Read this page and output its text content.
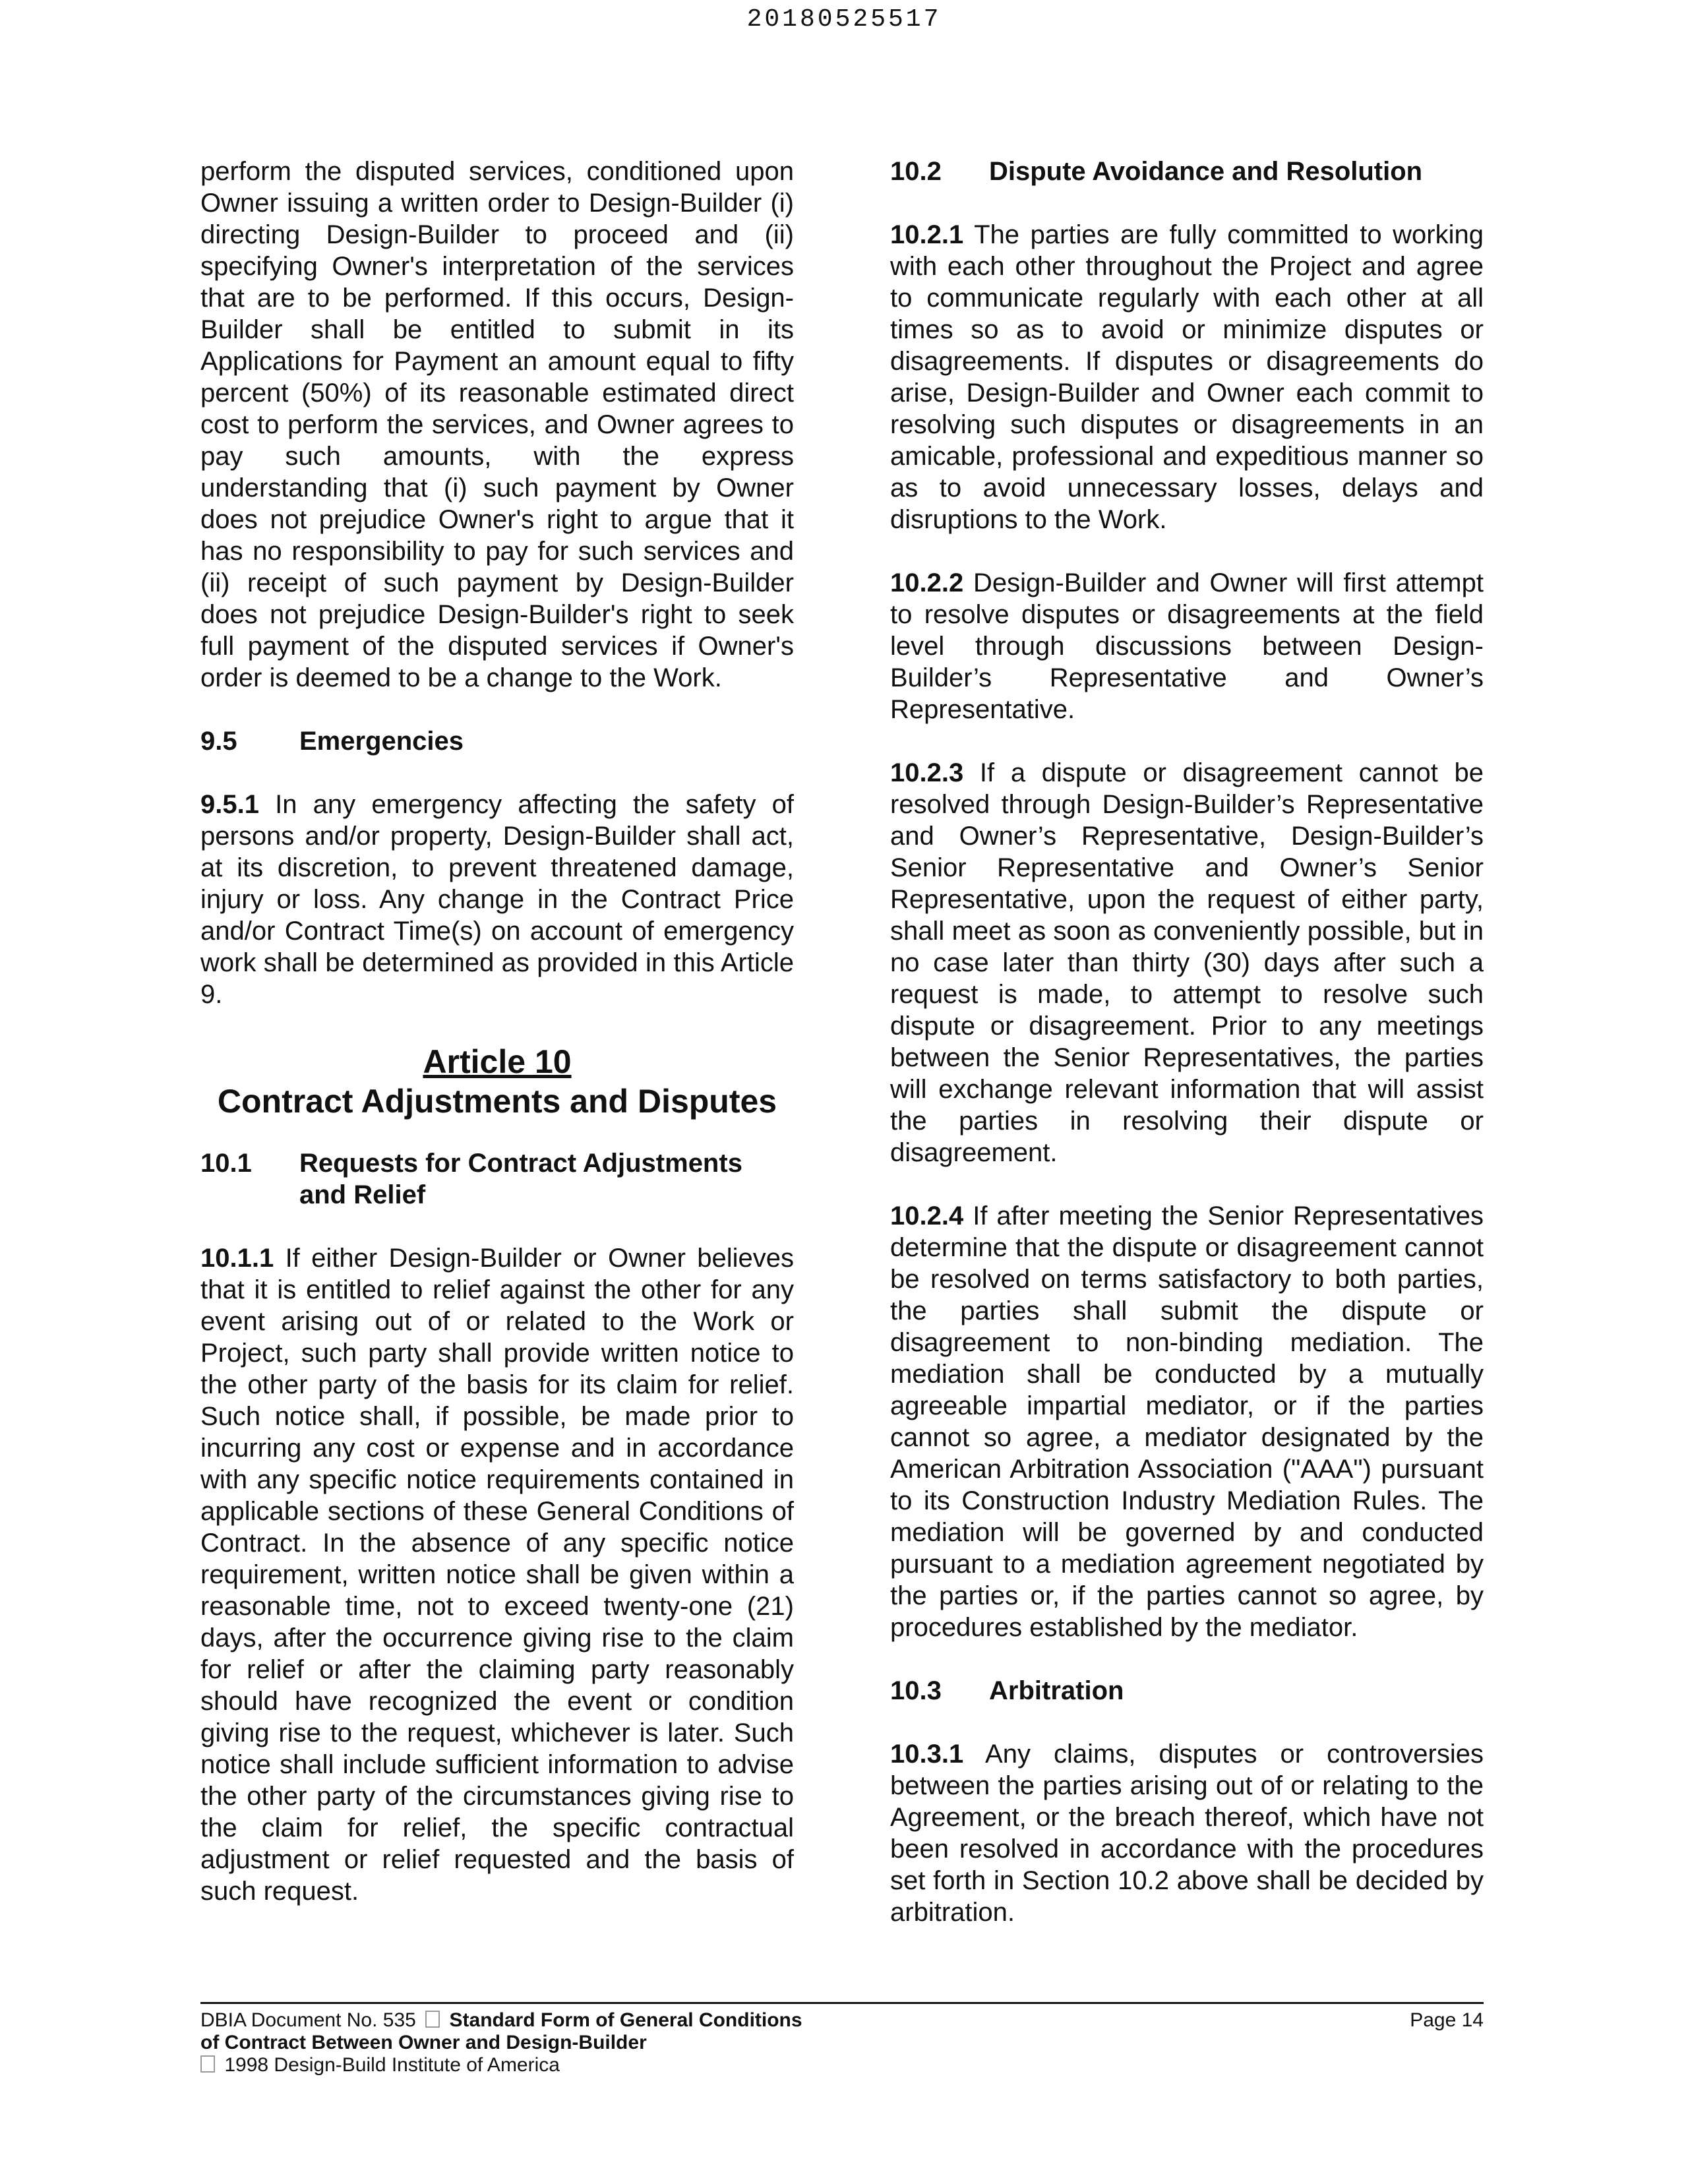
20180525517

perform the disputed services, conditioned upon Owner issuing a written order to Design-Builder (i) directing Design-Builder to proceed and (ii) specifying Owner's interpretation of the services that are to be performed. If this occurs, Design-Builder shall be entitled to submit in its Applications for Payment an amount equal to fifty percent (50%) of its reasonable estimated direct cost to perform the services, and Owner agrees to pay such amounts, with the express understanding that (i) such payment by Owner does not prejudice Owner's right to argue that it has no responsibility to pay for such services and (ii) receipt of such payment by Design-Builder does not prejudice Design-Builder's right to seek full payment of the disputed services if Owner's order is deemed to be a change to the Work.

9.5	Emergencies

9.5.1 In any emergency affecting the safety of persons and/or property, Design-Builder shall act, at its discretion, to prevent threatened damage, injury or loss. Any change in the Contract Price and/or Contract Time(s) on account of emergency work shall be determined as provided in this Article 9.

Article 10
Contract Adjustments and Disputes
10.1	Requests for Contract Adjustments and Relief

10.1.1 If either Design-Builder or Owner believes that it is entitled to relief against the other for any event arising out of or related to the Work or Project, such party shall provide written notice to the other party of the basis for its claim for relief. Such notice shall, if possible, be made prior to incurring any cost or expense and in accordance with any specific notice requirements contained in applicable sections of these General Conditions of Contract. In the absence of any specific notice requirement, written notice shall be given within a reasonable time, not to exceed twenty-one (21) days, after the occurrence giving rise to the claim for relief or after the claiming party reasonably should have recognized the event or condition giving rise to the request, whichever is later. Such notice shall include sufficient information to advise the other party of the circumstances giving rise to the claim for relief, the specific contractual adjustment or relief requested and the basis of such request.

10.2	Dispute Avoidance and Resolution

10.2.1 The parties are fully committed to working with each other throughout the Project and agree to communicate regularly with each other at all times so as to avoid or minimize disputes or disagreements. If disputes or disagreements do arise, Design-Builder and Owner each commit to resolving such disputes or disagreements in an amicable, professional and expeditious manner so as to avoid unnecessary losses, delays and disruptions to the Work.

10.2.2 Design-Builder and Owner will first attempt to resolve disputes or disagreements at the field level through discussions between Design-Builder’s Representative and Owner’s Representative.

10.2.3 If a dispute or disagreement cannot be resolved through Design-Builder’s Representative and Owner’s Representative, Design-Builder’s Senior Representative and Owner’s Senior Representative, upon the request of either party, shall meet as soon as conveniently possible, but in no case later than thirty (30) days after such a request is made, to attempt to resolve such dispute or disagreement. Prior to any meetings between the Senior Representatives, the parties will exchange relevant information that will assist the parties in resolving their dispute or disagreement.

10.2.4 If after meeting the Senior Representatives determine that the dispute or disagreement cannot be resolved on terms satisfactory to both parties, the parties shall submit the dispute or disagreement to non-binding mediation. The mediation shall be conducted by a mutually agreeable impartial mediator, or if the parties cannot so agree, a mediator designated by the American Arbitration Association ("AAA") pursuant to its Construction Industry Mediation Rules. The mediation will be governed by and conducted pursuant to a mediation agreement negotiated by the parties or, if the parties cannot so agree, by procedures established by the mediator.

10.3	Arbitration

10.3.1 Any claims, disputes or controversies between the parties arising out of or relating to the Agreement, or the breach thereof, which have not been resolved in accordance with the procedures set forth in Section 10.2 above shall be decided by arbitration.

DBIA Document No. 535 Standard Form of General Conditions
of Contract Between Owner and Design-Builder
1998 Design-Build Institute of America
Page 14
